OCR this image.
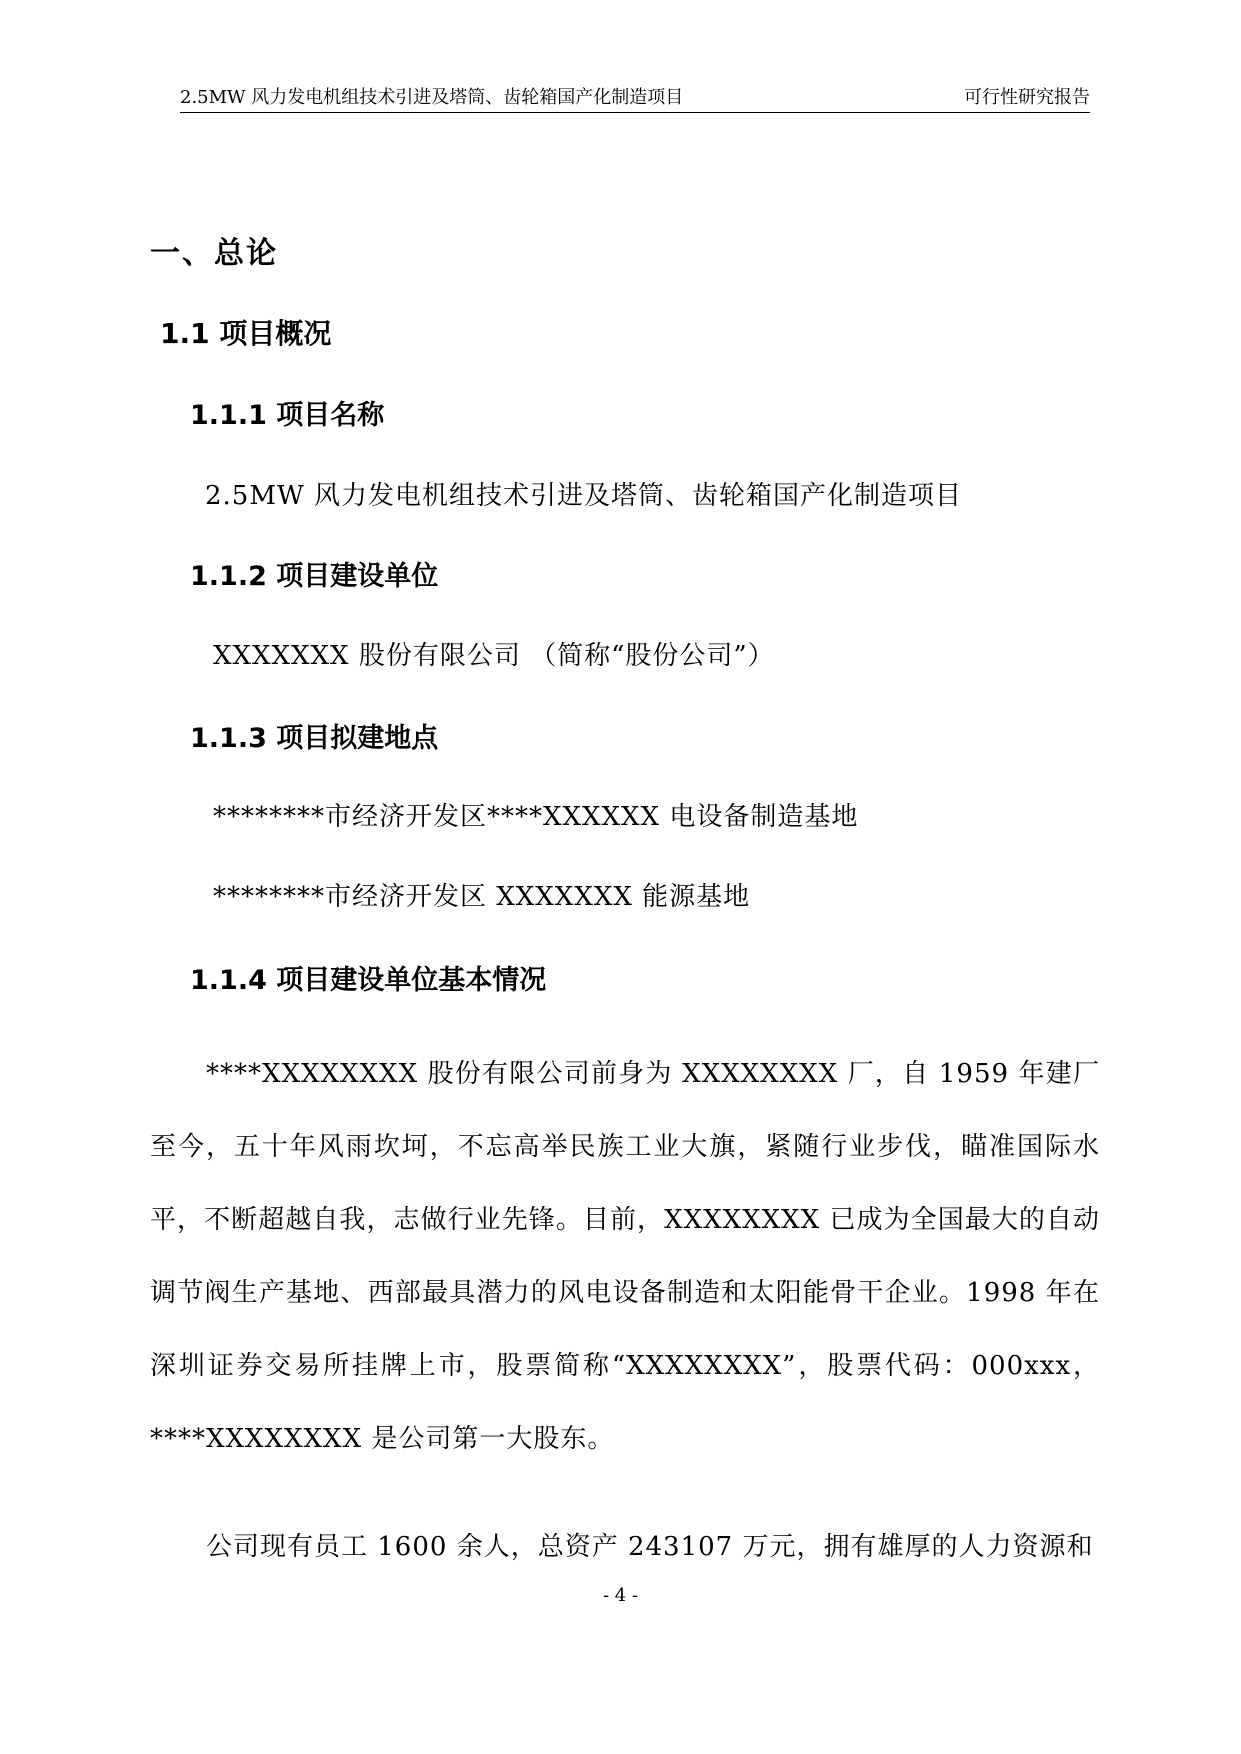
2.5MW 风力发电机组技术引进及塔筒、齿轮箱国产化制造项目	可行性研究报告
一、总论
1.1 项目概况
1.1.1 项目名称
2.5MW 风力发电机组技术引进及塔筒、齿轮箱国产化制造项目
1.1.2 项目建设单位
XXXXXXX 股份有限公司 （简称“股份公司”）
1.1.3 项目拟建地点
********市经济开发区****XXXXXX 电设备制造基地
********市经济开发区 XXXXXXX 能源基地
1.1.4 项目建设单位基本情况
****XXXXXXXX 股份有限公司前身为 XXXXXXXX 厂，自 1959 年建厂至今，五十年风雨坎坷，不忘高举民族工业大旗，紧随行业步伐，瞄准国际水平，不断超越自我，志做行业先锋。目前，XXXXXXXX 已成为全国最大的自动调节阀生产基地、西部最具潜力的风电设备制造和太阳能骨干企业。1998 年在深圳证券交易所挂牌上市，股票简称“XXXXXXXX”，股票代码：000xxx，****XXXXXXXX 是公司第一大股东。
公司现有员工 1600 余人，总资产 243107 万元，拥有雄厚的人力资源和
- 4 -
